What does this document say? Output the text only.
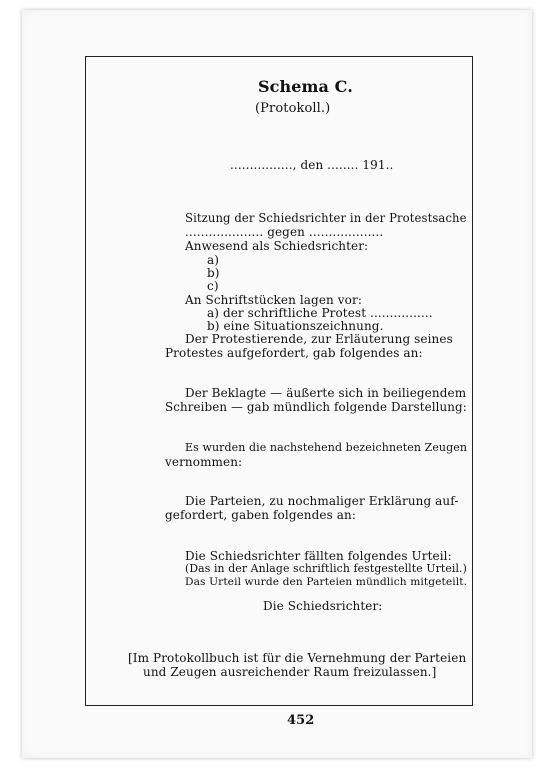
Schema C.
(Protokoll.)
................, den ........ 191..
Sitzung der Schiedsrichter in der Protestsache
.................... gegen ...................
Anwesend als Schiedsrichter:
a)
b)
c)
An Schriftstücken lagen vor:
a) der schriftliche Protest ................
b) eine Situationszeichnung.
Der Protestierende, zur Erläuterung seines
Protestes aufgefordert, gab folgendes an:
Der Beklagte — äußerte sich in beiliegendem
Schreiben — gab mündlich folgende Darstellung:
Es wurden die nachstehend bezeichneten Zeugen
vernommen:
Die Parteien, zu nochmaliger Erklärung auf-
gefordert, gaben folgendes an:
Die Schiedsrichter fällten folgendes Urteil:
(Das in der Anlage schriftlich festgestellte Urteil.)
Das Urteil wurde den Parteien mündlich mitgeteilt.
Die Schiedsrichter:
[Im Protokollbuch ist für die Vernehmung der Parteien
und Zeugen ausreichender Raum freizulassen.]
452
